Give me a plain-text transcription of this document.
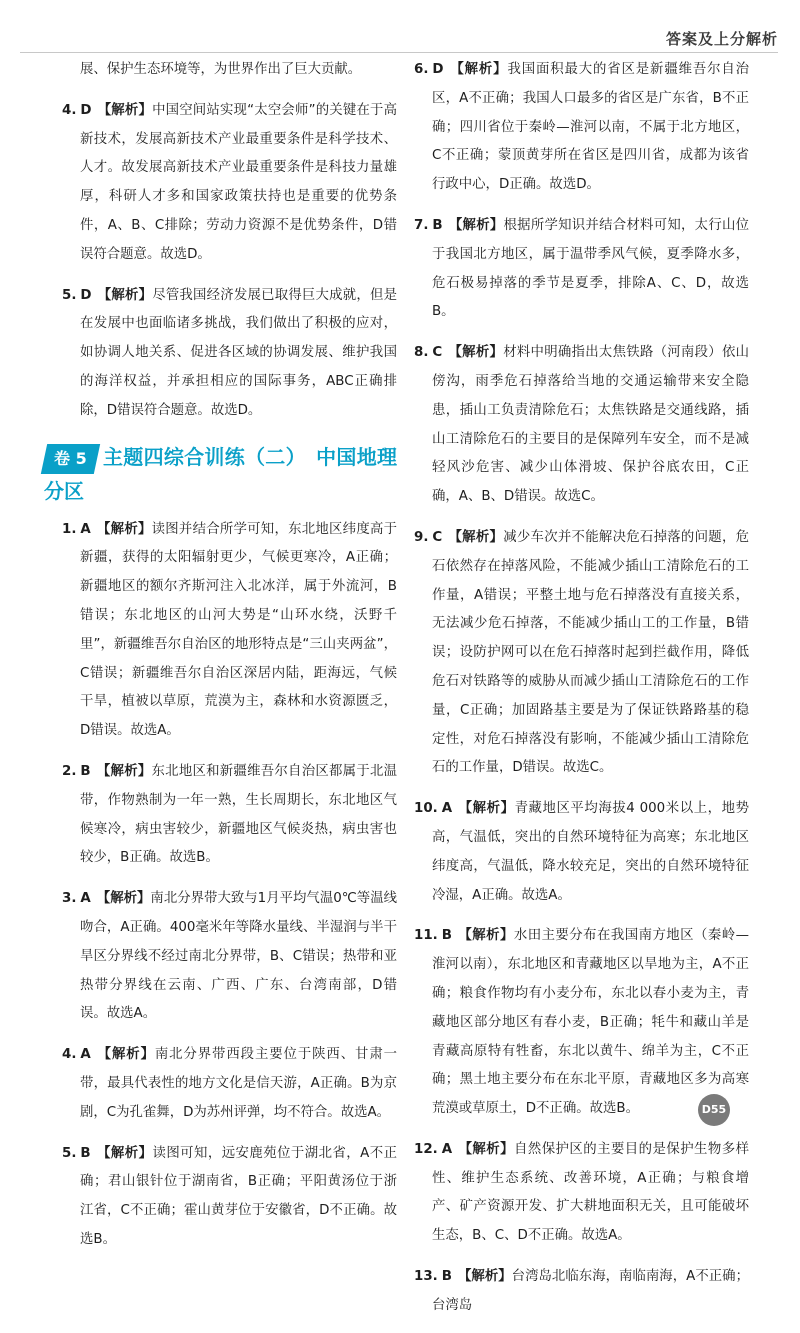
答案及上分解析
展、保护生态环境等，为世界作出了巨大贡献。
4. D 【解析】中国空间站实现“太空会师”的关键在于高新技术，发展高新技术产业最重要条件是科学技术、人才。故发展高新技术产业最重要条件是科技力量雄厚，科研人才多和国家政策扶持也是重要的优势条件，A、B、C排除；劳动力资源不是优势条件，D错误符合题意。故选D。
5. D 【解析】尽管我国经济发展已取得巨大成就，但是在发展中也面临诸多挑战，我们做出了积极的应对，如协调人地关系、促进各区域的协调发展、维护我国的海洋权益，并承担相应的国际事务，ABC正确排除，D错误符合题意。故选D。
卷 5 主题四综合训练（二）　中国地理分区
1. A 【解析】读图并结合所学可知，东北地区纬度高于新疆，获得的太阳辐射更少，气候更寒冷，A正确；新疆地区的额尔齐斯河注入北冰洋，属于外流河，B错误；东北地区的山河大势是“山环水绕，沃野千里”，新疆维吾尔自治区的地形特点是“三山夹两盆”，C错误；新疆维吾尔自治区深居内陆，距海远，气候干旱，植被以草原，荒漠为主，森林和水资源匮乏，D错误。故选A。
2. B 【解析】东北地区和新疆维吾尔自治区都属于北温带，作物熟制为一年一熟，生长周期长，东北地区气候寒冷，病虫害较少，新疆地区气候炎热，病虫害也较少，B正确。故选B。
3. A 【解析】南北分界带大致与1月平均气温0℃等温线吻合，A正确。400毫米年等降水量线、半湿润与半干旱区分界线不经过南北分界带，B、C错误；热带和亚热带分界线在云南、广西、广东、台湾南部，D错误。故选A。
4. A 【解析】南北分界带西段主要位于陕西、甘肃一带，最具代表性的地方文化是信天游，A正确。B为京剧，C为孔雀舞，D为苏州评弹，均不符合。故选A。
5. B 【解析】读图可知，远安鹿苑位于湖北省，A不正确；君山银针位于湖南省，B正确；平阳黄汤位于浙江省，C不正确；霍山黄芽位于安徽省，D不正确。故选B。
6. D 【解析】我国面积最大的省区是新疆维吾尔自治区，A不正确；我国人口最多的省区是广东省，B不正确；四川省位于秦岭—淮河以南，不属于北方地区，C不正确；蒙顶黄芽所在省区是四川省，成都为该省行政中心，D正确。故选D。
7. B 【解析】根据所学知识并结合材料可知，太行山位于我国北方地区，属于温带季风气候，夏季降水多，危石极易掉落的季节是夏季，排除A、C、D，故选B。
8. C 【解析】材料中明确指出太焦铁路（河南段）依山傍沟，雨季危石掉落给当地的交通运输带来安全隐患，插山工负责清除危石；太焦铁路是交通线路，插山工清除危石的主要目的是保障列车安全，而不是减轻风沙危害、减少山体滑坡、保护谷底农田，C正确，A、B、D错误。故选C。
9. C 【解析】减少车次并不能解决危石掉落的问题，危石依然存在掉落风险，不能减少插山工清除危石的工作量，A错误；平整土地与危石掉落没有直接关系，无法减少危石掉落，不能减少插山工的工作量，B错误；设防护网可以在危石掉落时起到拦截作用，降低危石对铁路等的威胁从而减少插山工清除危石的工作量，C正确；加固路基主要是为了保证铁路路基的稳定性，对危石掉落没有影响，不能减少插山工清除危石的工作量，D错误。故选C。
10. A 【解析】青藏地区平均海拔4 000米以上，地势高，气温低，突出的自然环境特征为高寒；东北地区纬度高，气温低，降水较充足，突出的自然环境特征冷湿，A正确。故选A。
11. B 【解析】水田主要分布在我国南方地区（秦岭—淮河以南），东北地区和青藏地区以旱地为主，A不正确；粮食作物均有小麦分布，东北以春小麦为主，青藏地区部分地区有春小麦，B正确；牦牛和藏山羊是青藏高原特有牲畜，东北以黄牛、绵羊为主，C不正确；黑土地主要分布在东北平原，青藏地区多为高寒荒漠或草原土，D不正确。故选B。
12. A 【解析】自然保护区的主要目的是保护生物多样性、维护生态系统、改善环境，A正确；与粮食增产、矿产资源开发、扩大耕地面积无关，且可能破坏生态，B、C、D不正确。故选A。
13. B 【解析】台湾岛北临东海，南临南海，A不正确；台湾岛
D55
